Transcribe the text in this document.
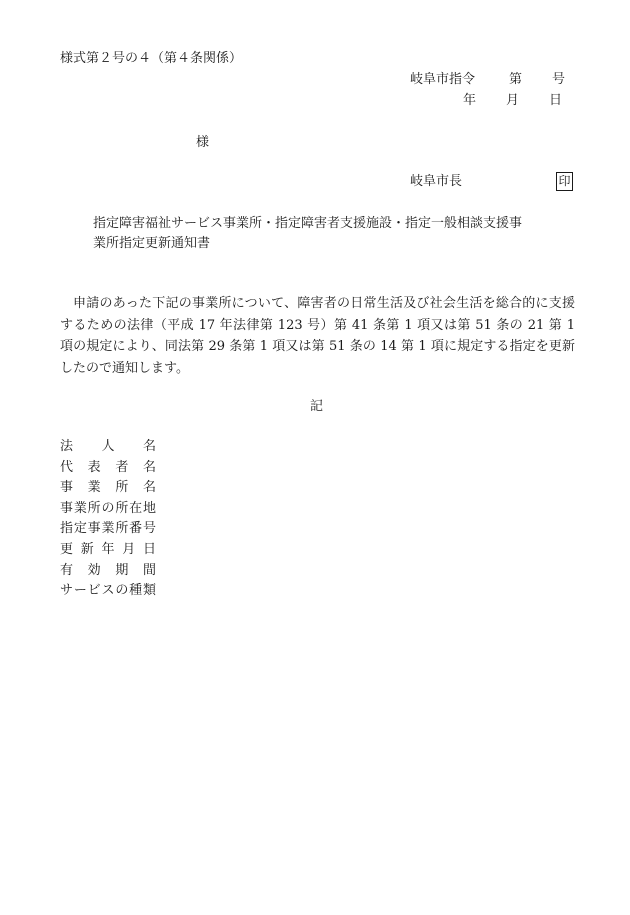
様式第２号の４（第４条関係）
岐阜市指令	第 号
年 月 日
様
岐阜市長	印
指定障害福祉サービス事業所・指定障害者支援施設・指定一般相談支援事
業所指定更新通知書
申請のあった下記の事業所について、障害者の日常生活及び社会生活を総合的に支援するための法律（平成 17 年法律第 123 号）第 41 条第 1 項又は第 51 条の 21 第 1 項の規定により、同法第 29 条第 1 項又は第 51 条の 14 第 1 項に規定する指定を更新したので通知します。
記
法人名
代表者名
事業所名
事業所の所在地
指定事業所番号
更新年月日
有効期間
サービスの種類
